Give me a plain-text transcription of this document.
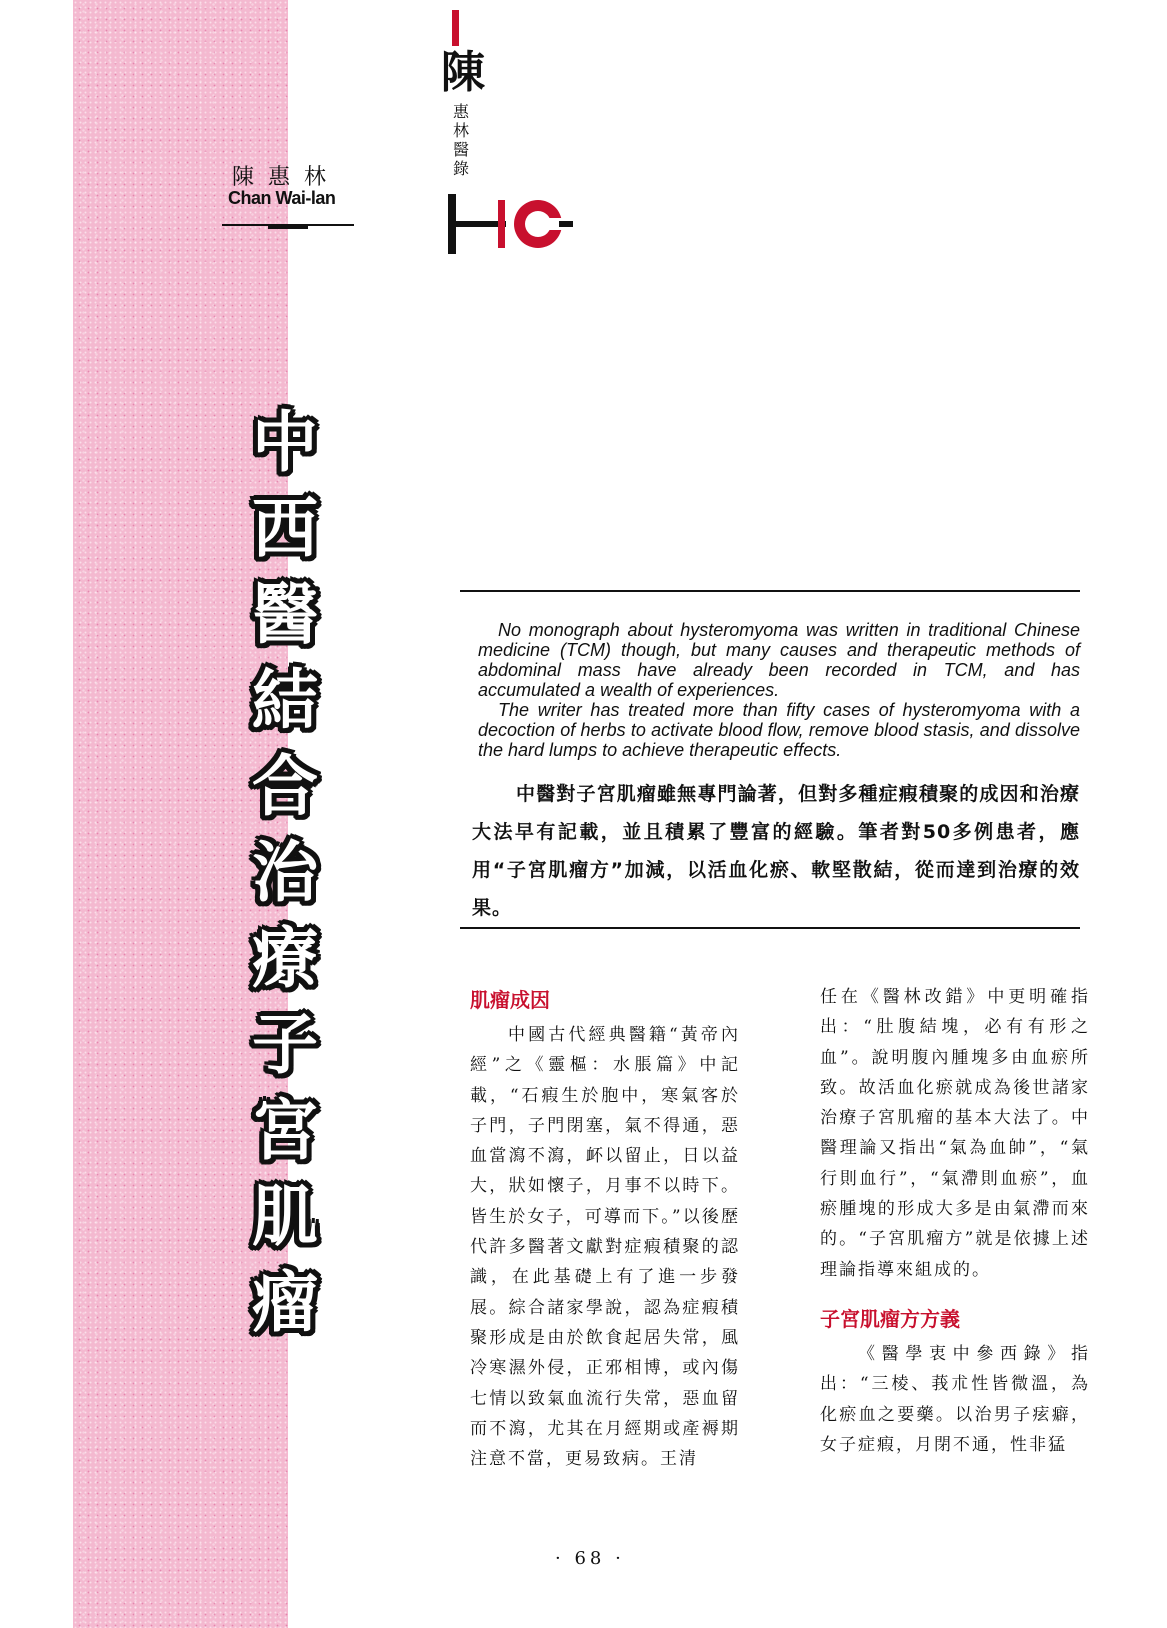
陳惠林

Chan Wai-lan

陳

惠林醫錄

中西醫結合治療子宮肌瘤

No monograph about hysteromyoma was written in traditional Chinese medicine (TCM) though, but many causes and therapeutic methods of abdominal mass have already been recorded in TCM, and has accumulated a wealth of experiences.

The writer has treated more than fifty cases of hysteromyoma with a decoction of herbs to activate blood flow, remove blood stasis, and dissolve the hard lumps to achieve therapeutic effects.

中醫對子宮肌瘤雖無專門論著，但對多種症瘕積聚的成因和治療大法早有記載，並且積累了豐富的經驗。筆者對50多例患者，應用“子宮肌瘤方”加減，以活血化瘀、軟堅散結，從而達到治療的效果。

肌瘤成因

中國古代經典醫籍“黃帝內經”之《靈樞：水脹篇》中記載，“石瘕生於胞中，寒氣客於子門，子門閉塞，氣不得通，惡血當瀉不瀉，衃以留止，日以益大，狀如懷子，月事不以時下。皆生於女子，可導而下。”以後歷代許多醫著文獻對症瘕積聚的認識，在此基礎上有了進一步發展。綜合諸家學說，認為症瘕積聚形成是由於飲食起居失常，風冷寒濕外侵，正邪相博，或內傷七情以致氣血流行失常，惡血留而不瀉，尤其在月經期或產褥期注意不當，更易致病。王清

任在《醫林改錯》中更明確指出：“肚腹結塊，必有有形之血”。說明腹內腫塊多由血瘀所致。故活血化瘀就成為後世諸家治療子宮肌瘤的基本大法了。中醫理論又指出“氣為血帥”，“氣行則血行”，“氣滯則血瘀”，血瘀腫塊的形成大多是由氣滯而來的。“子宮肌瘤方”就是依據上述理論指導來組成的。

子宮肌瘤方方義

《醫學衷中參西錄》指出：“三棱、莪朮性皆微溫，為化瘀血之要藥。以治男子痃癖，女子症瘕，月閉不通，性非猛

· 68 ·
